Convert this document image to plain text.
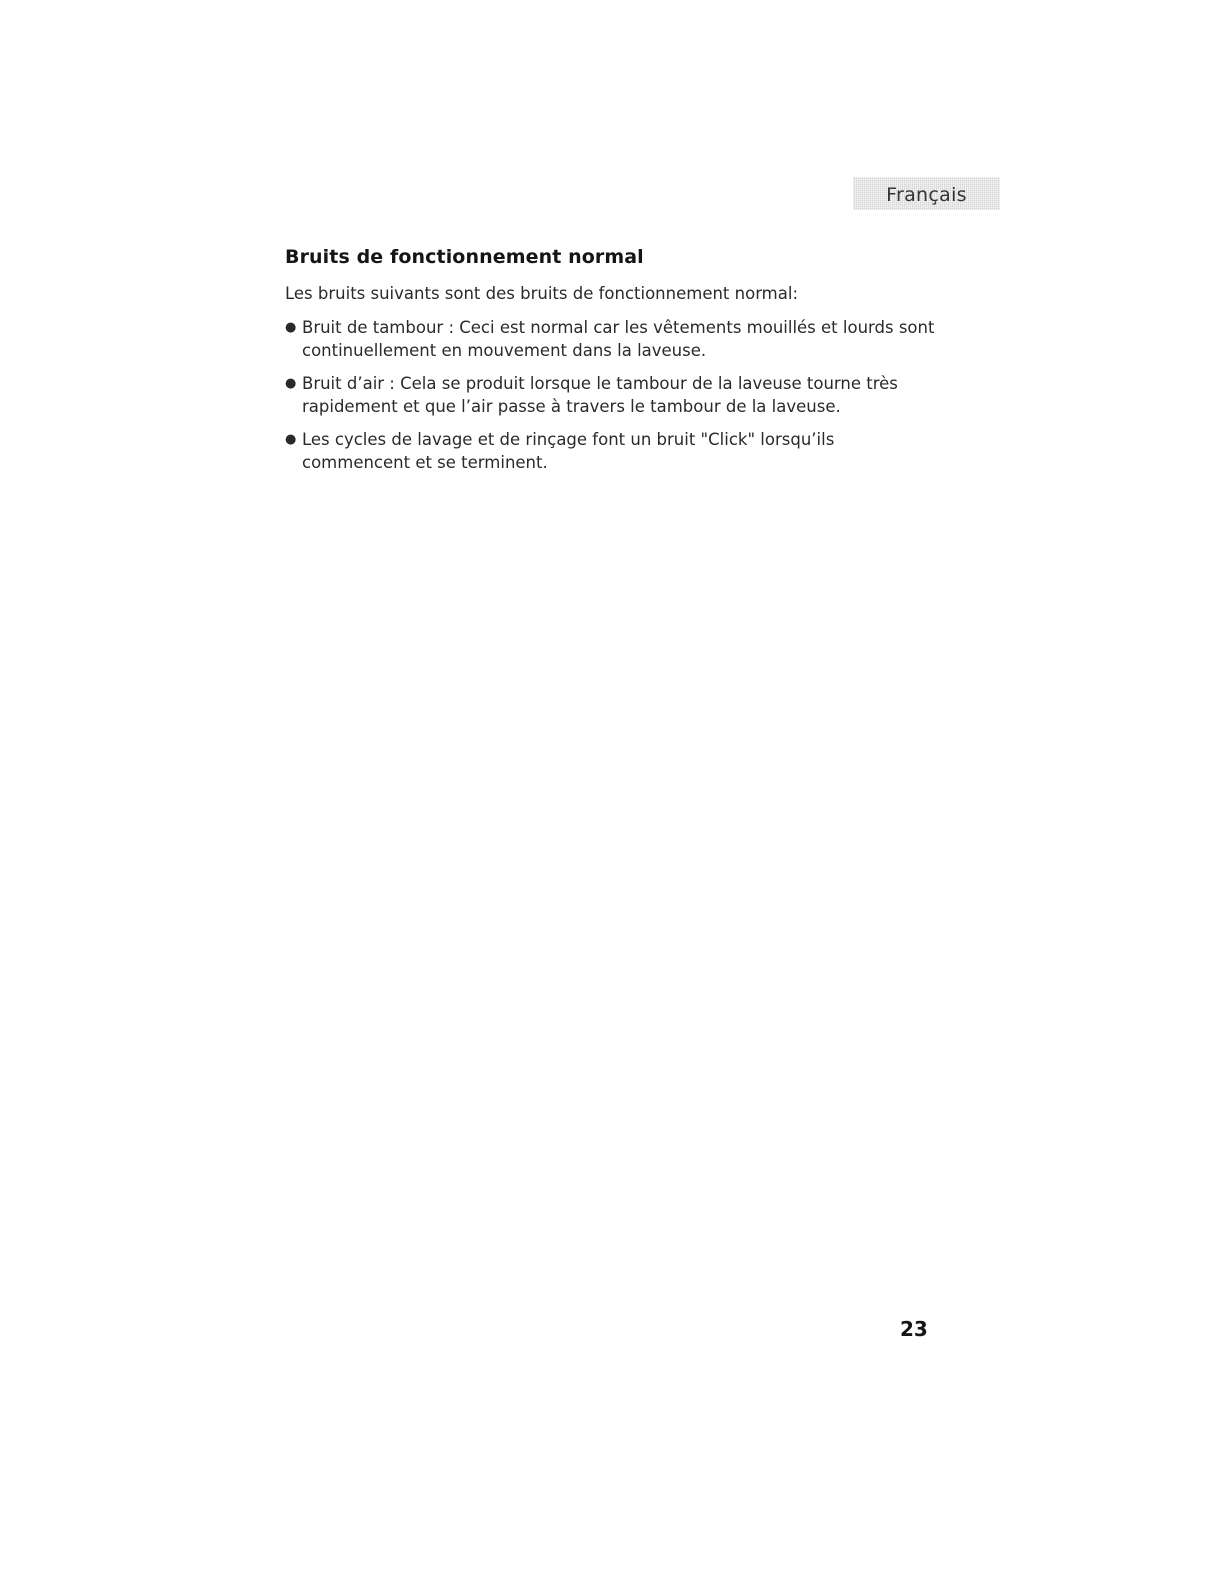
Français
Bruits de fonctionnement normal

Les bruits suivants sont des bruits de fonctionnement normal:

● Bruit de tambour : Ceci est normal car les vêtements mouillés et lourds sont continuellement en mouvement dans la laveuse.
● Bruit d’air : Cela se produit lorsque le tambour de la laveuse tourne très rapidement et que l’air passe à travers le tambour de la laveuse.
● Les cycles de lavage et de rinçage font un bruit "Click" lorsqu’ils commencent et se terminent.

23
